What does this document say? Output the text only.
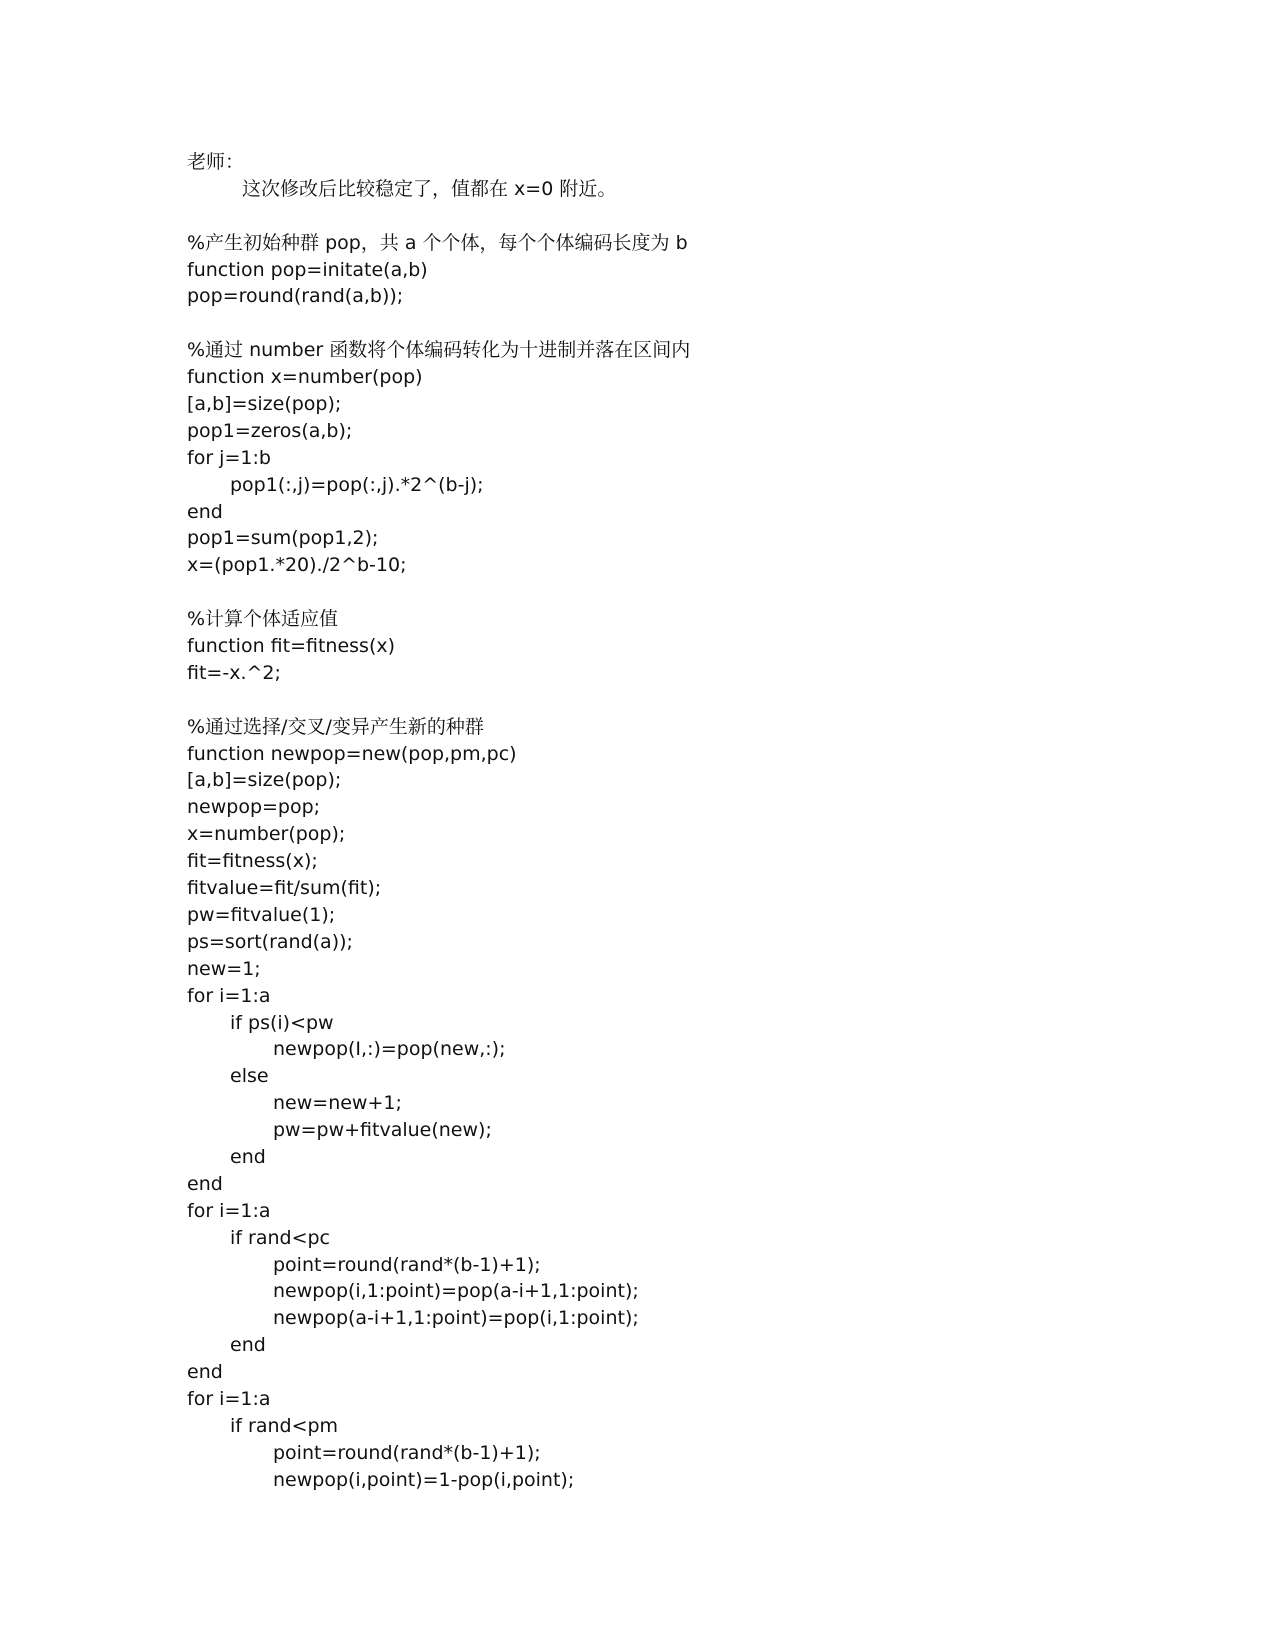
老师：
这次修改后比较稳定了，值都在 x=0 附近。
%产生初始种群 pop，共 a 个个体，每个个体编码长度为 b
function pop=initate(a,b)
pop=round(rand(a,b));
%通过 number 函数将个体编码转化为十进制并落在区间内
function x=number(pop)
[a,b]=size(pop);
pop1=zeros(a,b);
for j=1:b
pop1(:,j)=pop(:,j).*2^(b-j);
end
pop1=sum(pop1,2);
x=(pop1.*20)./2^b-10;
%计算个体适应值
function fit=fitness(x)
fit=-x.^2;
%通过选择/交叉/变异产生新的种群
function newpop=new(pop,pm,pc)
[a,b]=size(pop);
newpop=pop;
x=number(pop);
fit=fitness(x);
fitvalue=fit/sum(fit);
pw=fitvalue(1);
ps=sort(rand(a));
new=1;
for i=1:a
if ps(i)<pw
newpop(I,:)=pop(new,:);
else
new=new+1;
pw=pw+fitvalue(new);
end
end
for i=1:a
if rand<pc
point=round(rand*(b-1)+1);
newpop(i,1:point)=pop(a-i+1,1:point);
newpop(a-i+1,1:point)=pop(i,1:point);
end
end
for i=1:a
if rand<pm
point=round(rand*(b-1)+1);
newpop(i,point)=1-pop(i,point);
